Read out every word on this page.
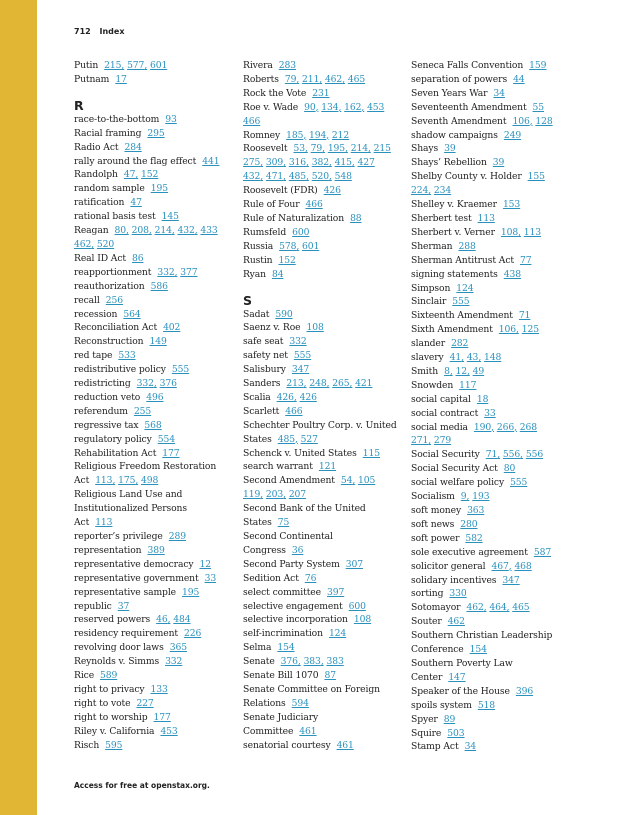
712 Index
Putin 215 , 577 , 601
Putnam 17
R
race-to-the-bottom 93
Racial framing 295
Radio Act 284
rally around the flag effect 441
Randolph 47 , 152
random sample 195
ratification 47
rational basis test 145
Reagan 80 , 208 , 214 , 432 , 433
462 , 520
Real ID Act 86
reapportionment 332 , 377
reauthorization 586
recall 256
recession 564
Reconciliation Act 402
Reconstruction 149
red tape 533
redistributive policy 555
redistricting 332 , 376
reduction veto 496
referendum 255
regressive tax 568
regulatory policy 554
Rehabilitation Act 177
Religious Freedom Restoration
Act 113 , 175 , 498
Religious Land Use and
Institutionalized Persons
Act 113
reporter’s privilege 289
representation 389
representative democracy 12
representative government 33
representative sample 195
republic 37
reserved powers 46 , 484
residency requirement 226
revolving door laws 365
Reynolds v. Simms 332
Rice 589
right to privacy 133
right to vote 227
right to worship 177
Riley v. California 453
Risch 595
Rivera 283
Roberts 79 , 211 , 462 , 465
Rock the Vote 231
Roe v. Wade 90 , 134 , 162 , 453
466
Romney 185 , 194 , 212
Roosevelt 53 , 79 , 195 , 214 , 215
275 , 309 , 316 , 382 , 415 , 427
432 , 471 , 485 , 520 , 548
Roosevelt (FDR) 426
Rule of Four 466
Rule of Naturalization 88
Rumsfeld 600
Russia 578 , 601
Rustin 152
Ryan 84
S
Sadat 590
Saenz v. Roe 108
safe seat 332
safety net 555
Salisbury 347
Sanders 213 , 248 , 265 , 421
Scalia 426 , 426
Scarlett 466
Schechter Poultry Corp. v. United
States 485 , 527
Schenck v. United States 115
search warrant 121
Second Amendment 54 , 105
119 , 203 , 207
Second Bank of the United
States 75
Second Continental
Congress 36
Second Party System 307
Sedition Act 76
select committee 397
selective engagement 600
selective incorporation 108
self-incrimination 124
Selma 154
Senate 376 , 383 , 383
Senate Bill 1070 87
Senate Committee on Foreign
Relations 594
Senate Judiciary
Committee 461
senatorial courtesy 461
Seneca Falls Convention 159
separation of powers 44
Seven Years War 34
Seventeenth Amendment 55
Seventh Amendment 106 , 128
shadow campaigns 249
Shays 39
Shays’ Rebellion 39
Shelby County v. Holder 155
224 , 234
Shelley v. Kraemer 153
Sherbert test 113
Sherbert v. Verner 108 , 113
Sherman 288
Sherman Antitrust Act 77
signing statements 438
Simpson 124
Sinclair 555
Sixteenth Amendment 71
Sixth Amendment 106 , 125
slander 282
slavery 41 , 43 , 148
Smith 8 , 12 , 49
Snowden 117
social capital 18
social contract 33
social media 190 , 266 , 268
271 , 279
Social Security 71 , 556 , 556
Social Security Act 80
social welfare policy 555
Socialism 9 , 193
soft money 363
soft news 280
soft power 582
sole executive agreement 587
solicitor general 467 , 468
solidary incentives 347
sorting 330
Sotomayor 462 , 464 , 465
Souter 462
Southern Christian Leadership
Conference 154
Southern Poverty Law
Center 147
Speaker of the House 396
spoils system 518
Spyer 89
Squire 503
Stamp Act 34
Access for free at openstax.org.
